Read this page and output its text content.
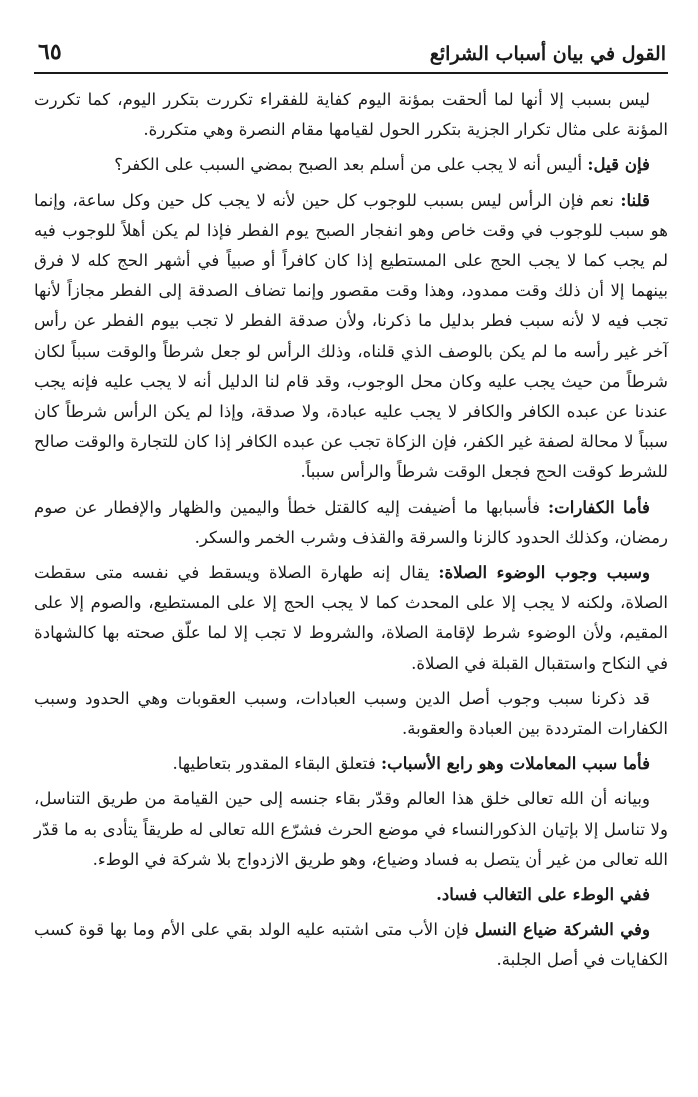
القول في بيان أسباب الشرائع
٦٥

ليس بسبب إلا أنها لما ألحقت بمؤنة اليوم كفاية للفقراء تكررت بتكرر اليوم، كما تكررت المؤنة على مثال تكرار الجزية بتكرر الحول لقيامها مقام النصرة وهي متكررة.

فإن قيل: أليس أنه لا يجب على من أسلم بعد الصبح بمضي السبب على الكفر؟

قلنا: نعم فإن الرأس ليس بسبب للوجوب كل حين لأنه لا يجب كل حين وكل ساعة، وإنما هو سبب للوجوب في وقت خاص وهو انفجار الصبح يوم الفطر فإذا لم يكن أهلاً للوجوب فيه لم يجب كما لا يجب الحج على المستطيع إذا كان كافراً أو صبياً في أشهر الحج كله لا فرق بينهما إلا أن ذلك وقت ممدود، وهذا وقت مقصور وإنما تضاف الصدقة إلى الفطر مجازاً لأنها تجب فيه لا لأنه سبب فطر بدليل ما ذكرنا، ولأن صدقة الفطر لا تجب بيوم الفطر عن رأس آخر غير رأسه ما لم يكن بالوصف الذي قلناه، وذلك الرأس لو جعل شرطاً والوقت سبباً لكان شرطاً من حيث يجب عليه وكان محل الوجوب، وقد قام لنا الدليل أنه لا يجب عليه فإنه يجب عندنا عن عبده الكافر والكافر لا يجب عليه عبادة، ولا صدقة، وإذا لم يكن الرأس شرطاً كان سبباً لا محالة لصفة غير الكفر، فإن الزكاة تجب عن عبده الكافر إذا كان للتجارة والوقت صالح للشرط كوقت الحج فجعل الوقت شرطاً والرأس سبباً.

فأما الكفارات: فأسبابها ما أضيفت إليه كالقتل خطأ واليمين والظهار والإفطار عن صوم رمضان، وكذلك الحدود كالزنا والسرقة والقذف وشرب الخمر والسكر.

وسبب وجوب الوضوء الصلاة: يقال إنه طهارة الصلاة ويسقط في نفسه متى سقطت الصلاة، ولكنه لا يجب إلا على المحدث كما لا يجب الحج إلا على المستطيع، والصوم إلا على المقيم، ولأن الوضوء شرط لإقامة الصلاة، والشروط لا تجب إلا لما علّق صحته بها كالشهادة في النكاح واستقبال القبلة في الصلاة.

قد ذكرنا سبب وجوب أصل الدين وسبب العبادات، وسبب العقوبات وهي الحدود وسبب الكفارات المترددة بين العبادة والعقوبة.

فأما سبب المعاملات وهو رابع الأسباب: فتعلق البقاء المقدور بتعاطيها.

وبيانه أن الله تعالى خلق هذا العالم وقدّر بقاء جنسه إلى حين القيامة من طريق التناسل، ولا تناسل إلا بإتيان الذكورالنساء في موضع الحرث فشرّع الله تعالى له طريقاً يتأدى به ما قدّر الله تعالى من غير أن يتصل به فساد وضياع، وهو طريق الازدواج بلا شركة في الوطء.

ففي الوطء على التغالب فساد.

وفي الشركة ضياع النسل فإن الأب متى اشتبه عليه الولد بقي على الأم وما بها قوة كسب الكفايات في أصل الجلبة.
